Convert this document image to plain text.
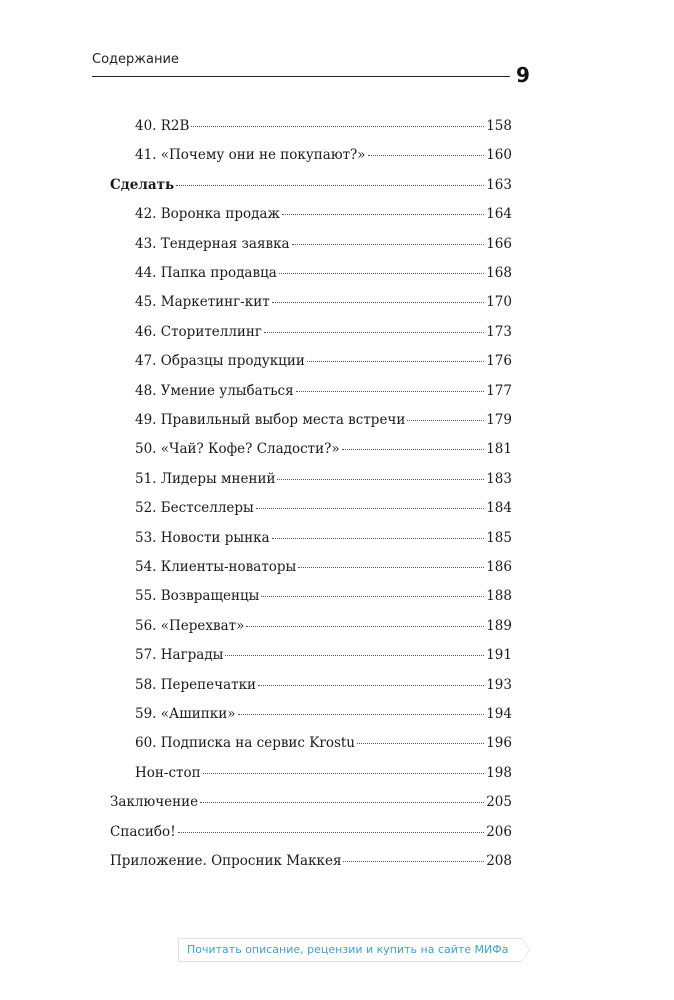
Содержание
9
40. R2B	158
41. «Почему они не покупают?»	160
Сделать	163
42. Воронка продаж	164
43. Тендерная заявка	166
44. Папка продавца	168
45. Маркетинг-кит	170
46. Сторителлинг	173
47. Образцы продукции	176
48. Умение улыбаться	177
49. Правильный выбор места встречи	179
50. «Чай? Кофе? Сладости?»	181
51. Лидеры мнений	183
52. Бестселлеры	184
53. Новости рынка	185
54. Клиенты-новаторы	186
55. Возвращенцы	188
56. «Перехват»	189
57. Награды	191
58. Перепечатки	193
59. «Ашипки»	194
60. Подписка на сервис Krostu	196
Нон-стоп	198
Заключение	205
Спасибо!	206
Приложение. Опросник Маккея	208
Почитать описание, рецензии и купить на сайте МИФа
